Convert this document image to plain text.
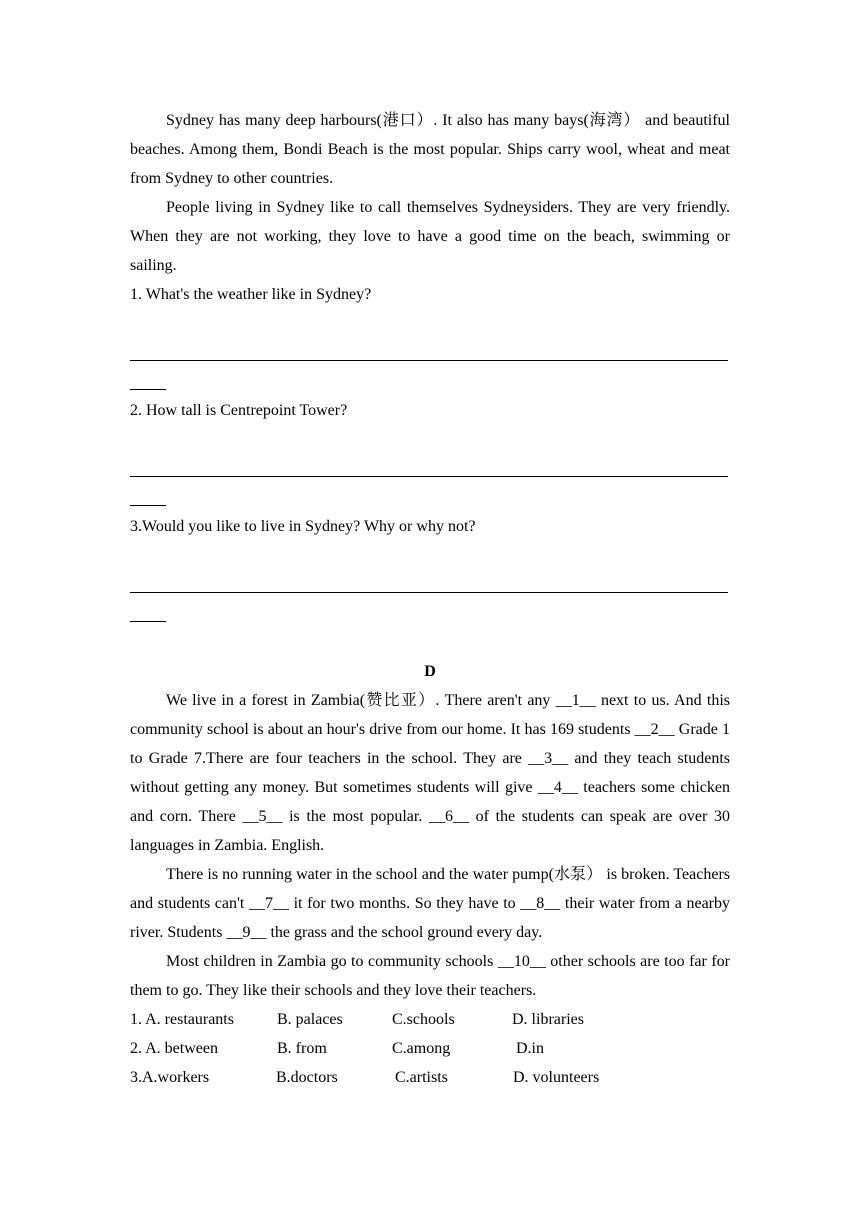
Sydney has many deep harbours(港口）. It also has many bays(海湾） and beautiful beaches. Among them, Bondi Beach is the most popular. Ships carry wool, wheat and meat from Sydney to other countries.

People living in Sydney like to call themselves Sydneysiders. They are very friendly. When they are not working, they love to have a good time on the beach, swimming or sailing.

1. What's the weather like in Sydney?

2. How tall is Centrepoint Tower?

3.Would you like to live in Sydney? Why or why not?

D

We live in a forest in Zambia(赞比亚）. There aren't any __1__ next to us. And this community school is about an hour's drive from our home. It has 169 students __2__ Grade 1 to Grade 7.There are four teachers in the school. They are __3__ and they teach students without getting any money. But sometimes students will give __4__ teachers some chicken and corn. There __5__ is the most popular. __6__ of the students can speak are over 30 languages in Zambia. English.

There is no running water in the school and the water pump(水泵） is broken. Teachers and students can't __7__ it for two months. So they have to __8__ their water from a nearby river. Students __9__ the grass and the school ground every day.

Most children in Zambia go to community schools __10__ other schools are too far for them to go. They like their schools and they love their teachers.

1. A. restaurants	B. palaces	C.schools	D. libraries
2. A. between	B. from	C.among	D.in
3.A.workers	B.doctors	C.artists	D. volunteers
